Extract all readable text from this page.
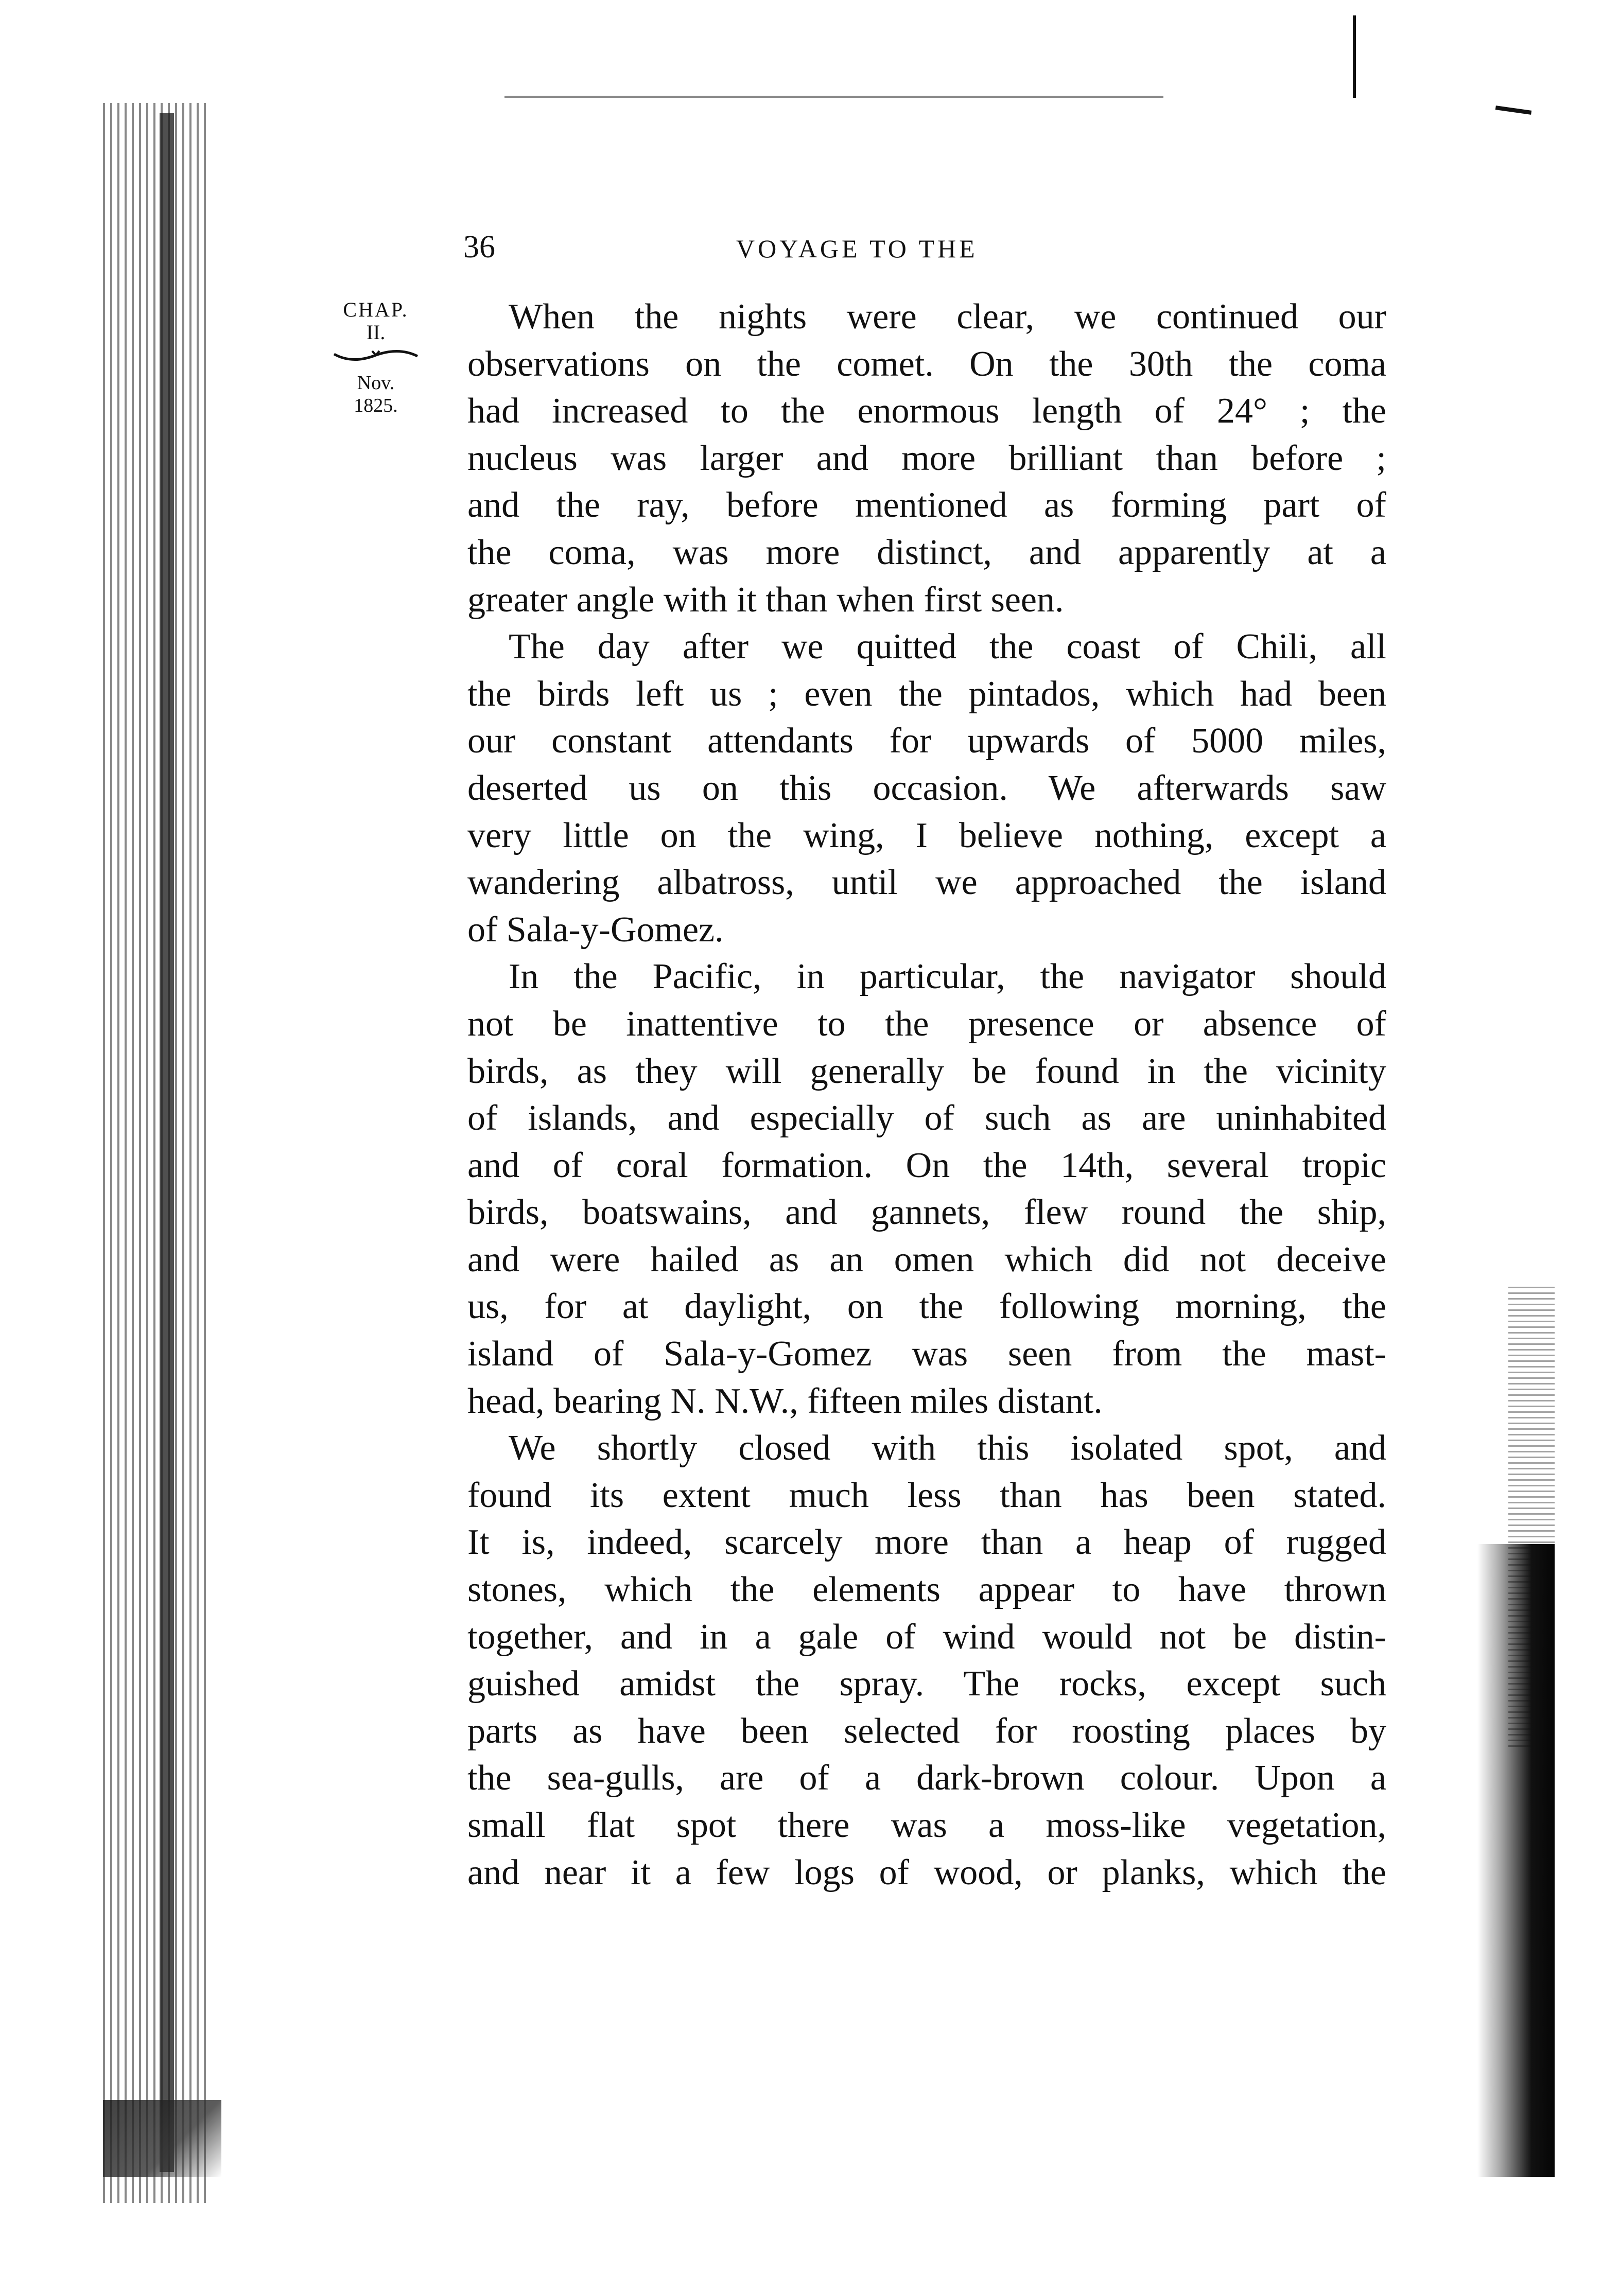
36	VOYAGE TO THE
CHAP.
II.
Nov.
1825.
When the nights were clear, we continued our
observations on the comet. On the 30th the coma
had increased to the enormous length of 24° ; the
nucleus was larger and more brilliant than before ;
and the ray, before mentioned as forming part of
the coma, was more distinct, and apparently at a
greater angle with it than when first seen.
The day after we quitted the coast of Chili, all
the birds left us ; even the pintados, which had been
our constant attendants for upwards of 5000 miles,
deserted us on this occasion. We afterwards saw
very little on the wing, I believe nothing, except a
wandering albatross, until we approached the island
of Sala-y-Gomez.
In the Pacific, in particular, the navigator should
not be inattentive to the presence or absence of
birds, as they will generally be found in the vicinity
of islands, and especially of such as are uninhabited
and of coral formation. On the 14th, several tropic
birds, boatswains, and gannets, flew round the ship,
and were hailed as an omen which did not deceive
us, for at daylight, on the following morning, the
island of Sala-y-Gomez was seen from the mast-
head, bearing N. N.W., fifteen miles distant.
We shortly closed with this isolated spot, and
found its extent much less than has been stated.
It is, indeed, scarcely more than a heap of rugged
stones, which the elements appear to have thrown
together, and in a gale of wind would not be distin-
guished amidst the spray. The rocks, except such
parts as have been selected for roosting places by
the sea-gulls, are of a dark-brown colour. Upon a
small flat spot there was a moss-like vegetation,
and near it a few logs of wood, or planks, which the
